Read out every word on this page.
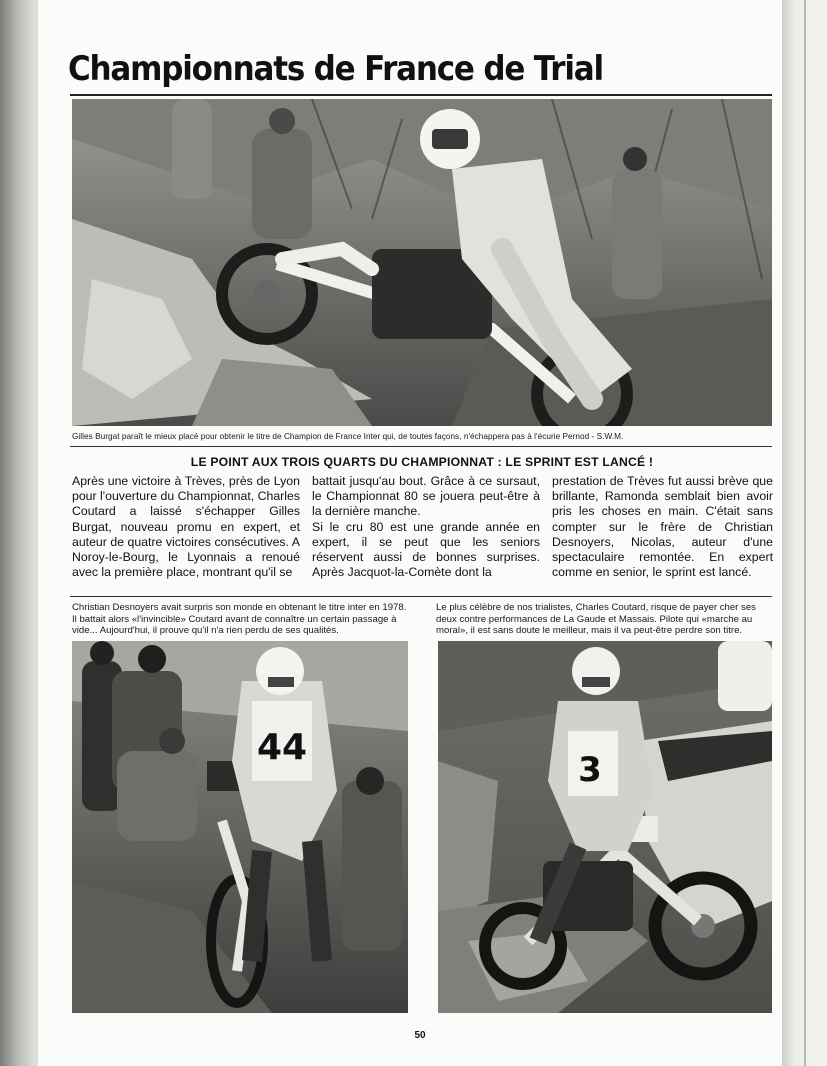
Championnats de France de Trial

Gilles Burgat paraît le mieux placé pour obtenir le titre de Champion de France Inter qui, de toutes façons, n'échappera pas à l'écurie Pernod - S.W.M.

LE POINT AUX TROIS QUARTS DU CHAMPIONNAT : LE SPRINT EST LANCÉ !

Après une victoire à Trèves, près de Lyon pour l'ouverture du Championnat, Charles Coutard a laissé s'échapper Gilles Burgat, nouveau promu en expert, et auteur de quatre victoires consécutives. A Noroy-le-Bourg, le Lyonnais a renoué avec la première place, montrant qu'il se

battait jusqu'au bout. Grâce à ce sursaut, le Championnat 80 se jouera peut-être à la dernière manche.

Si le cru 80 est une grande année en expert, il se peut que les seniors réservent aussi de bonnes surprises. Après Jacquot-la-Comète dont la

prestation de Trèves fut aussi brève que brillante, Ramonda semblait bien avoir pris les choses en main. C'était sans compter sur le frère de Christian Desnoyers, Nicolas, auteur d'une spectaculaire remontée. En expert comme en senior, le sprint est lancé.

Christian Desnoyers avait surpris son monde en obtenant le titre inter en 1978. Il battait alors «l'invincible» Coutard avant de connaître un certain passage à vide... Aujourd'hui, il prouve qu'il n'a rien perdu de ses qualités.

Le plus célèbre de nos trialistes, Charles Coutard, risque de payer cher ses deux contre performances de La Gaude et Massais. Pilote qui «marche au moral», il est sans doute le meilleur, mais il va peut-être perdre son titre.

44
3

50
